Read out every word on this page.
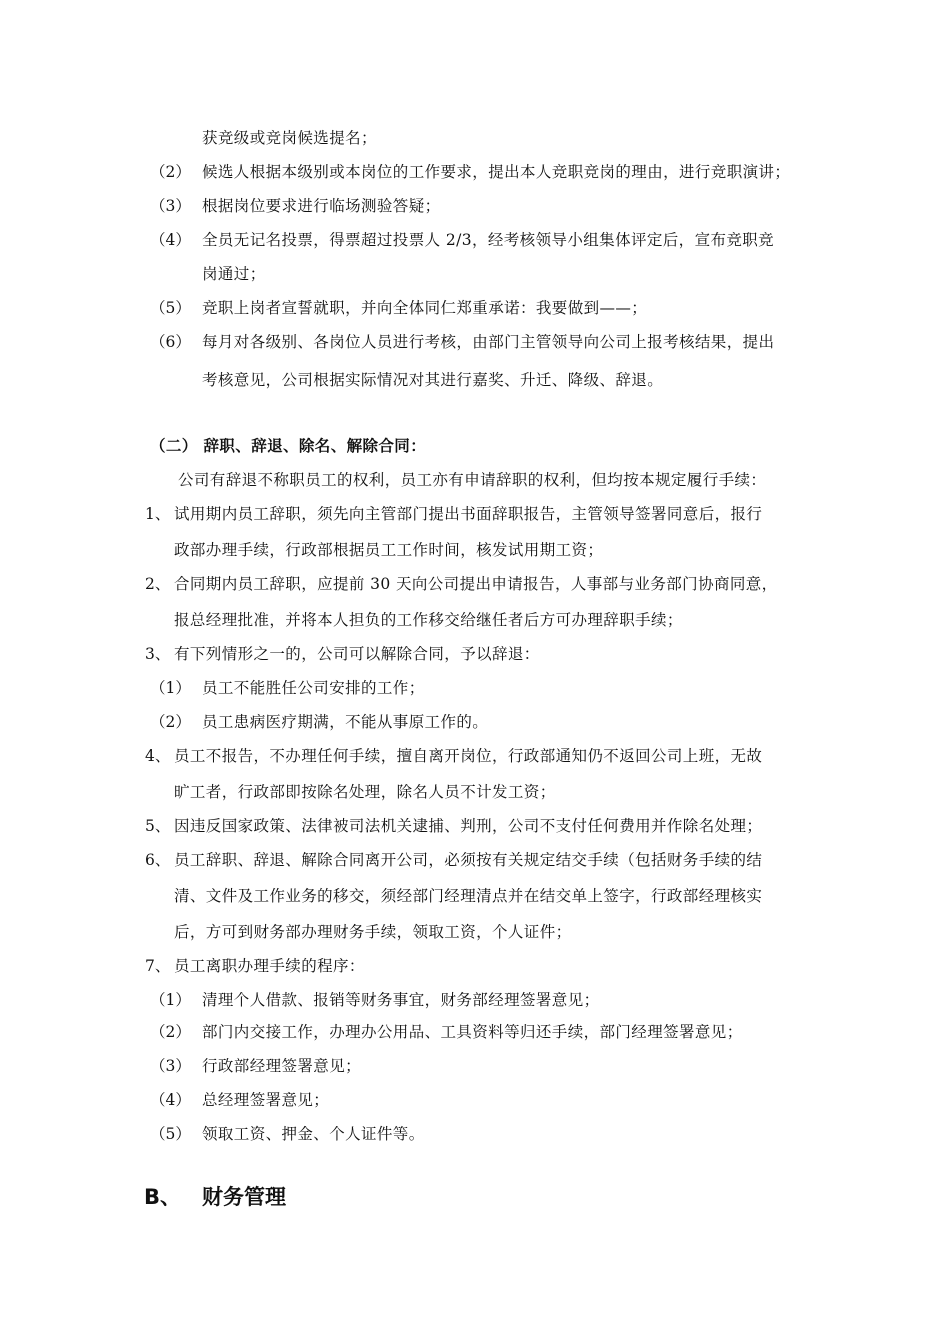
获竞级或竞岗候选提名；
（2） 候选人根据本级别或本岗位的工作要求，提出本人竞职竞岗的理由，进行竞职演讲；
（3） 根据岗位要求进行临场测验答疑；
（4） 全员无记名投票，得票超过投票人 2/3，经考核领导小组集体评定后，宣布竞职竞
岗通过；
（5） 竞职上岗者宣誓就职，并向全体同仁郑重承诺：我要做到——；
（6） 每月对各级别、各岗位人员进行考核，由部门主管领导向公司上报考核结果，提出
考核意见，公司根据实际情况对其进行嘉奖、升迁、降级、辞退。
（二） 辞职、辞退、除名、解除合同：
公司有辞退不称职员工的权利，员工亦有申请辞职的权利，但均按本规定履行手续：
1、 试用期内员工辞职，须先向主管部门提出书面辞职报告，主管领导签署同意后，报行
政部办理手续，行政部根据员工工作时间，核发试用期工资；
2、 合同期内员工辞职，应提前 30 天向公司提出申请报告，人事部与业务部门协商同意，
报总经理批准，并将本人担负的工作移交给继任者后方可办理辞职手续；
3、 有下列情形之一的，公司可以解除合同，予以辞退：
（1） 员工不能胜任公司安排的工作；
（2） 员工患病医疗期满，不能从事原工作的。
4、 员工不报告，不办理任何手续，擅自离开岗位，行政部通知仍不返回公司上班，无故
旷工者，行政部即按除名处理，除名人员不计发工资；
5、 因违反国家政策、法律被司法机关逮捕、判刑，公司不支付任何费用并作除名处理；
6、 员工辞职、辞退、解除合同离开公司，必须按有关规定结交手续（包括财务手续的结
清、文件及工作业务的移交，须经部门经理清点并在结交单上签字，行政部经理核实
后，方可到财务部办理财务手续，领取工资，个人证件；
7、 员工离职办理手续的程序：
（1） 清理个人借款、报销等财务事宜，财务部经理签署意见；
（2） 部门内交接工作，办理办公用品、工具资料等归还手续，部门经理签署意见；
（3） 行政部经理签署意见；
（4） 总经理签署意见；
（5） 领取工资、押金、个人证件等。
B、 财务管理
